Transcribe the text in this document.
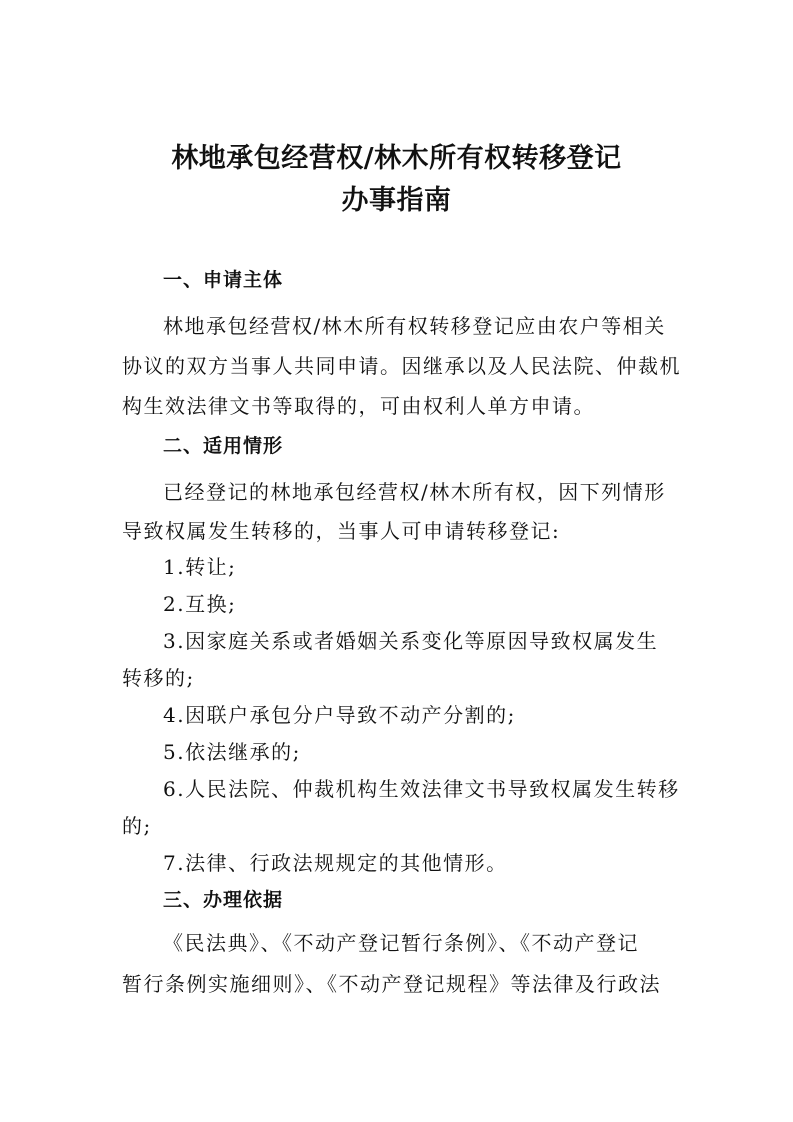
林地承包经营权/林木所有权转移登记
办事指南
一、申请主体
林地承包经营权/林木所有权转移登记应由农户等相关
协议的双方当事人共同申请。因继承以及人民法院、仲裁机
构生效法律文书等取得的，可由权利人单方申请。
二、适用情形
已经登记的林地承包经营权/林木所有权，因下列情形
导致权属发生转移的，当事人可申请转移登记:
1.转让;
2.互换;
3.因家庭关系或者婚姻关系变化等原因导致权属发生
转移的;
4.因联户承包分户导致不动产分割的;
5.依法继承的;
6.人民法院、仲裁机构生效法律文书导致权属发生转移
的;
7.法律、行政法规规定的其他情形。
三、办理依据
《民法典》、《不动产登记暂行条例》、《不动产登记
暂行条例实施细则》、《不动产登记规程》等法律及行政法
